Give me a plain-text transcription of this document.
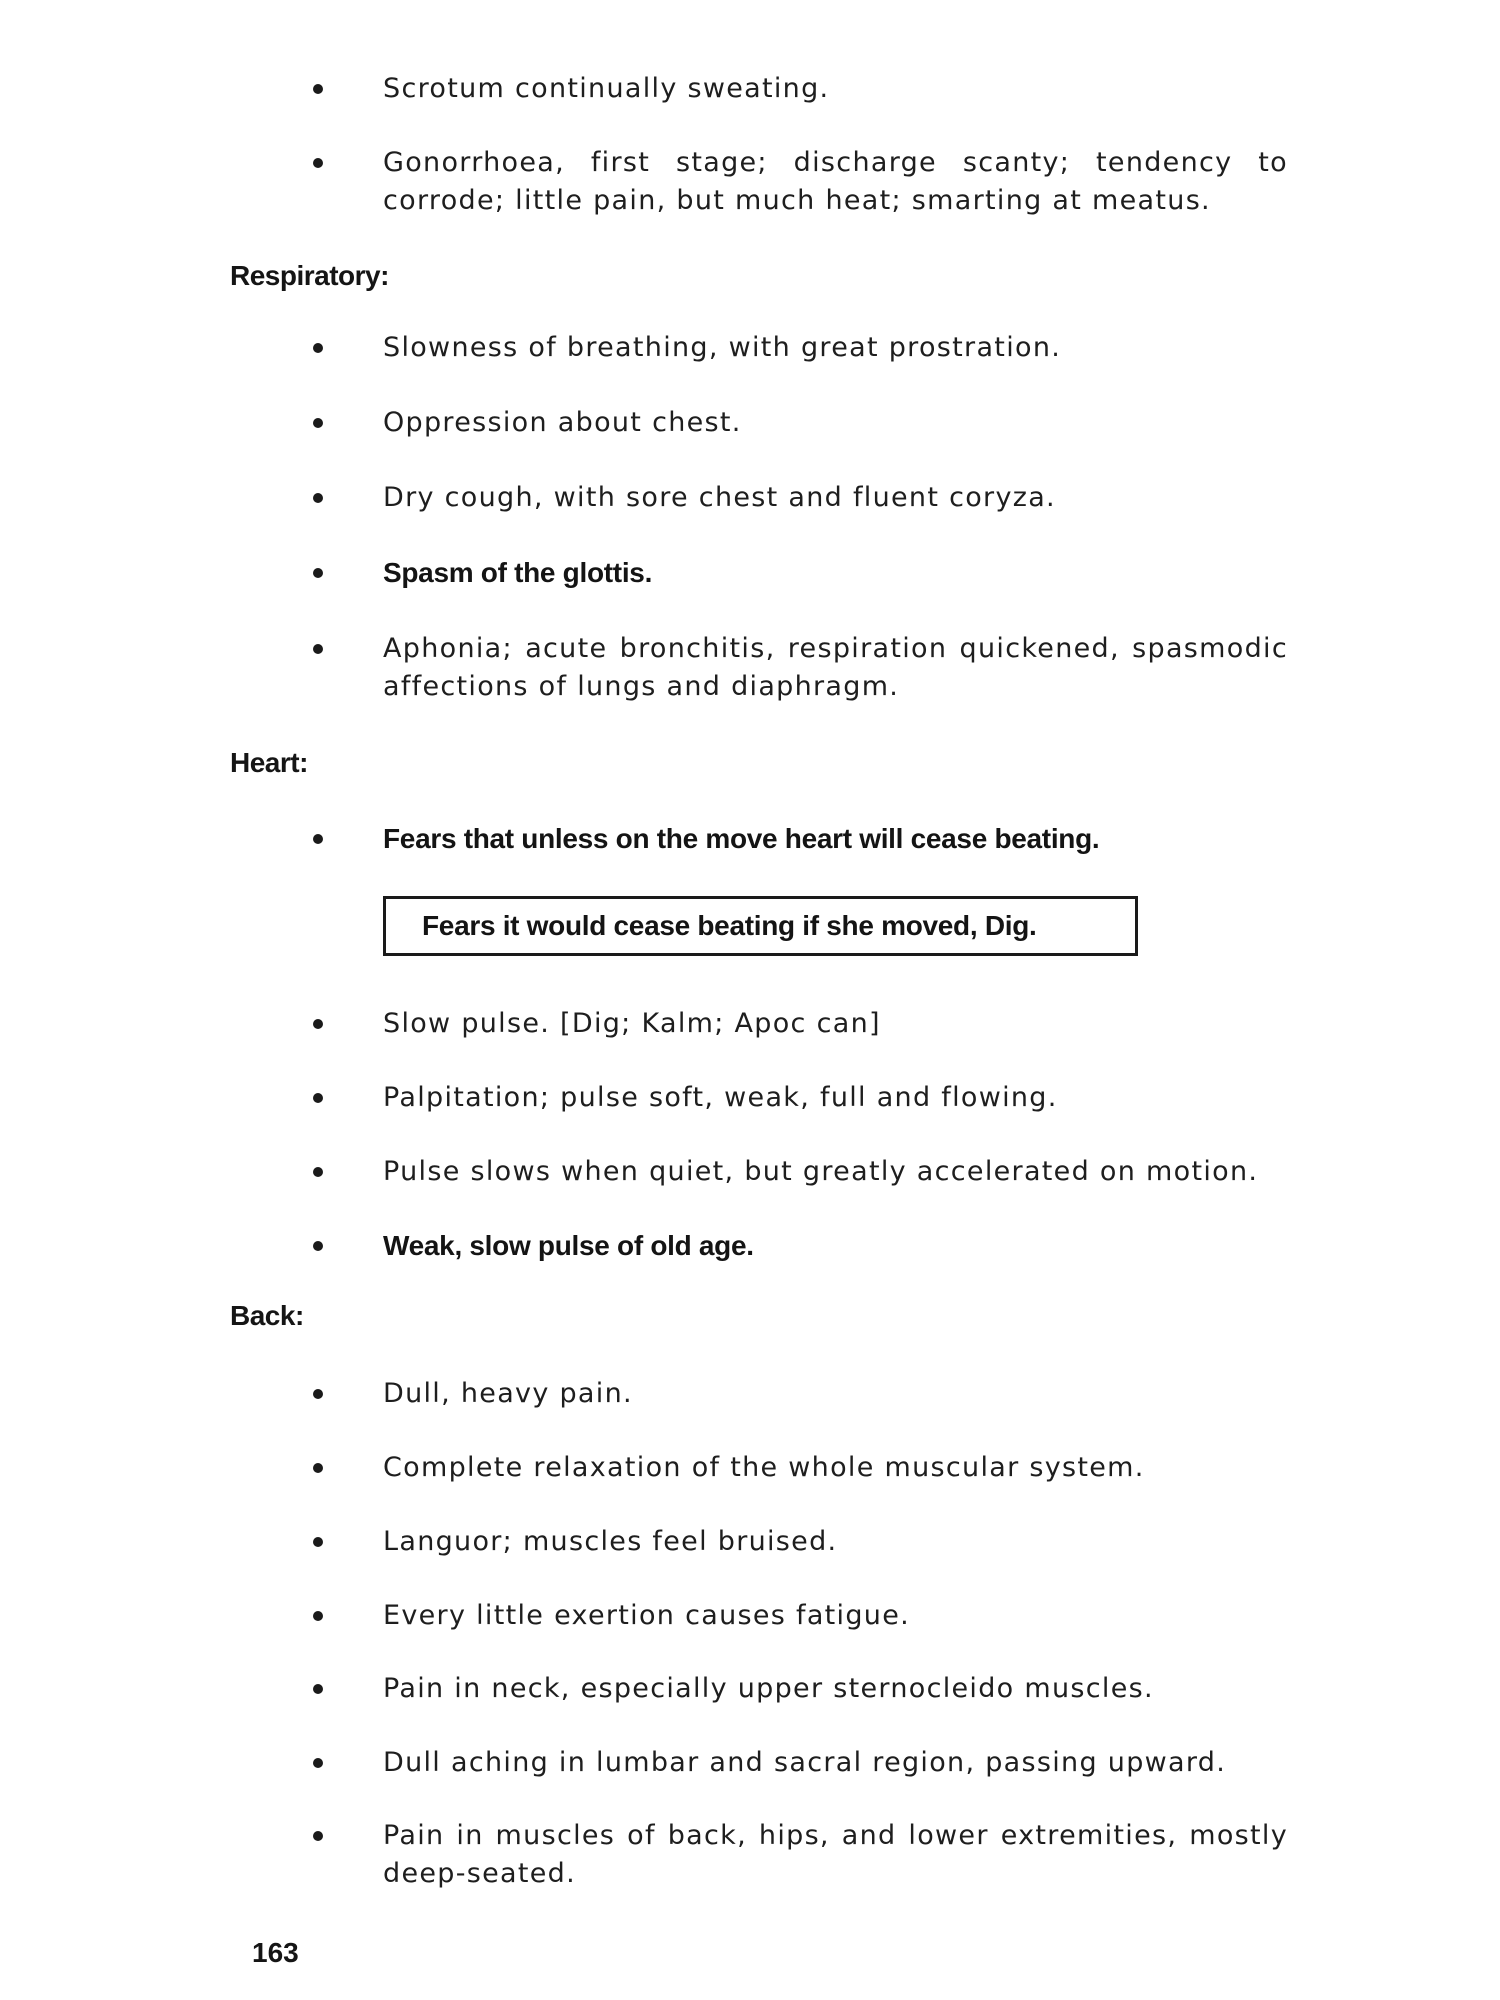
Scrotum continually sweating.
Gonorrhoea, first stage; discharge scanty; tendency to corrode; little pain, but much heat; smarting at meatus.
Respiratory:
Slowness of breathing, with great prostration.
Oppression about chest.
Dry cough, with sore chest and fluent coryza.
Spasm of the glottis.
Aphonia; acute bronchitis, respiration quickened, spasmodic affections of lungs and diaphragm.
Heart:
Fears that unless on the move heart will cease beating.
Fears it would cease beating if she moved, Dig.
Slow pulse. [Dig; Kalm; Apoc can]
Palpitation; pulse soft, weak, full and flowing.
Pulse slows when quiet, but greatly accelerated on motion.
Weak, slow pulse of old age.
Back:
Dull, heavy pain.
Complete relaxation of the whole muscular system.
Languor; muscles feel bruised.
Every little exertion causes fatigue.
Pain in neck, especially upper sternocleido muscles.
Dull aching in lumbar and sacral region, passing upward.
Pain in muscles of back, hips, and lower extremities, mostly deep-seated.
163
